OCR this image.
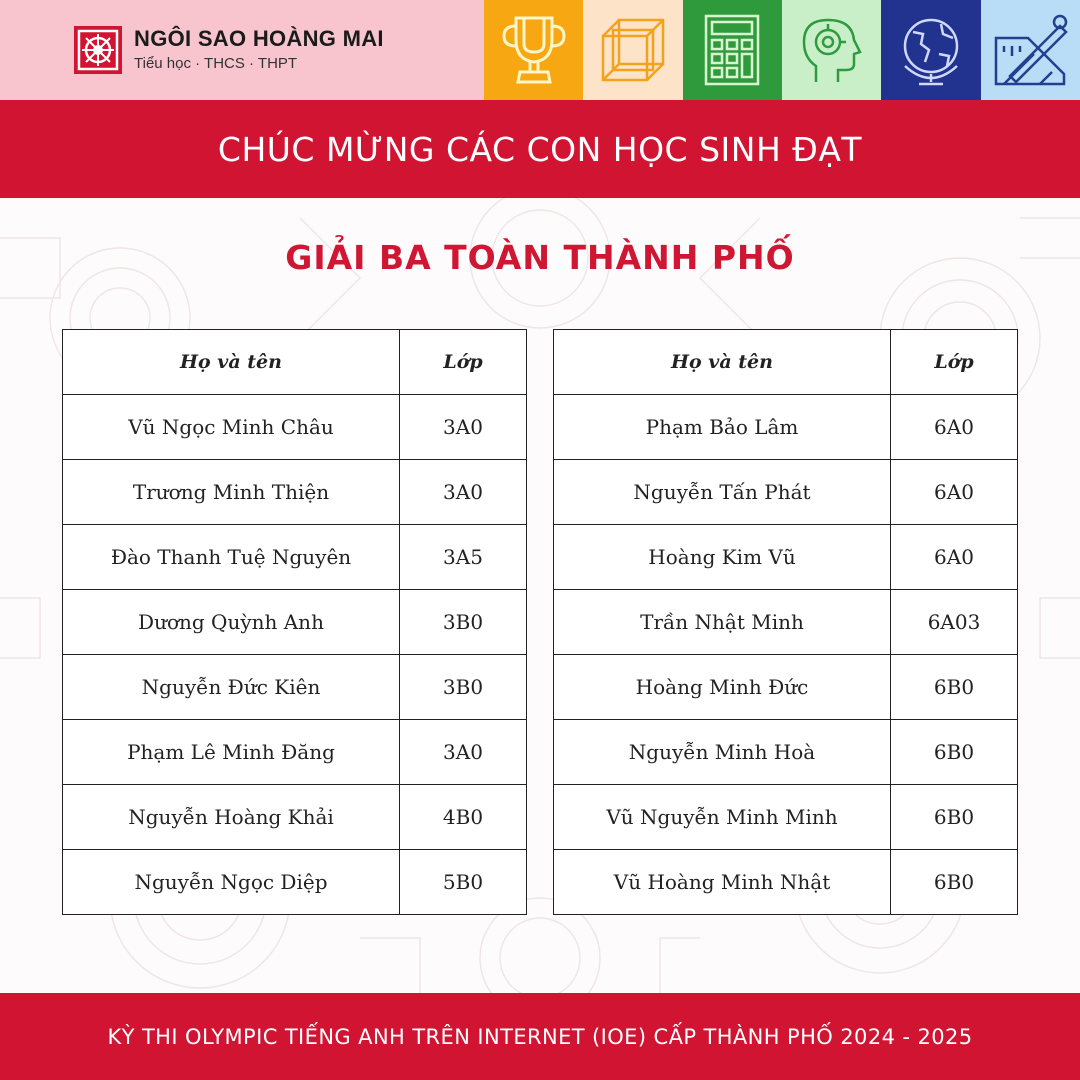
NGÔI SAO HOÀNG MAI
Tiểu học · THCS · THPT
CHÚC MỪNG CÁC CON HỌC SINH ĐẠT
GIẢI BA TOÀN THÀNH PHỐ
Họ và tên	Lớp
Vũ Ngọc Minh Châu	3A0
Trương Minh Thiện	3A0
Đào Thanh Tuệ Nguyên	3A5
Dương Quỳnh Anh	3B0
Nguyễn Đức Kiên	3B0
Phạm Lê Minh Đăng	3A0
Nguyễn Hoàng Khải	4B0
Nguyễn Ngọc Diệp	5B0
Họ và tên	Lớp
Phạm Bảo Lâm	6A0
Nguyễn Tấn Phát	6A0
Hoàng Kim Vũ	6A0
Trần Nhật Minh	6A03
Hoàng Minh Đức	6B0
Nguyễn Minh Hoà	6B0
Vũ Nguyễn Minh Minh	6B0
Vũ Hoàng Minh Nhật	6B0
KỲ THI OLYMPIC TIẾNG ANH TRÊN INTERNET (IOE) CẤP THÀNH PHỐ 2024 - 2025
